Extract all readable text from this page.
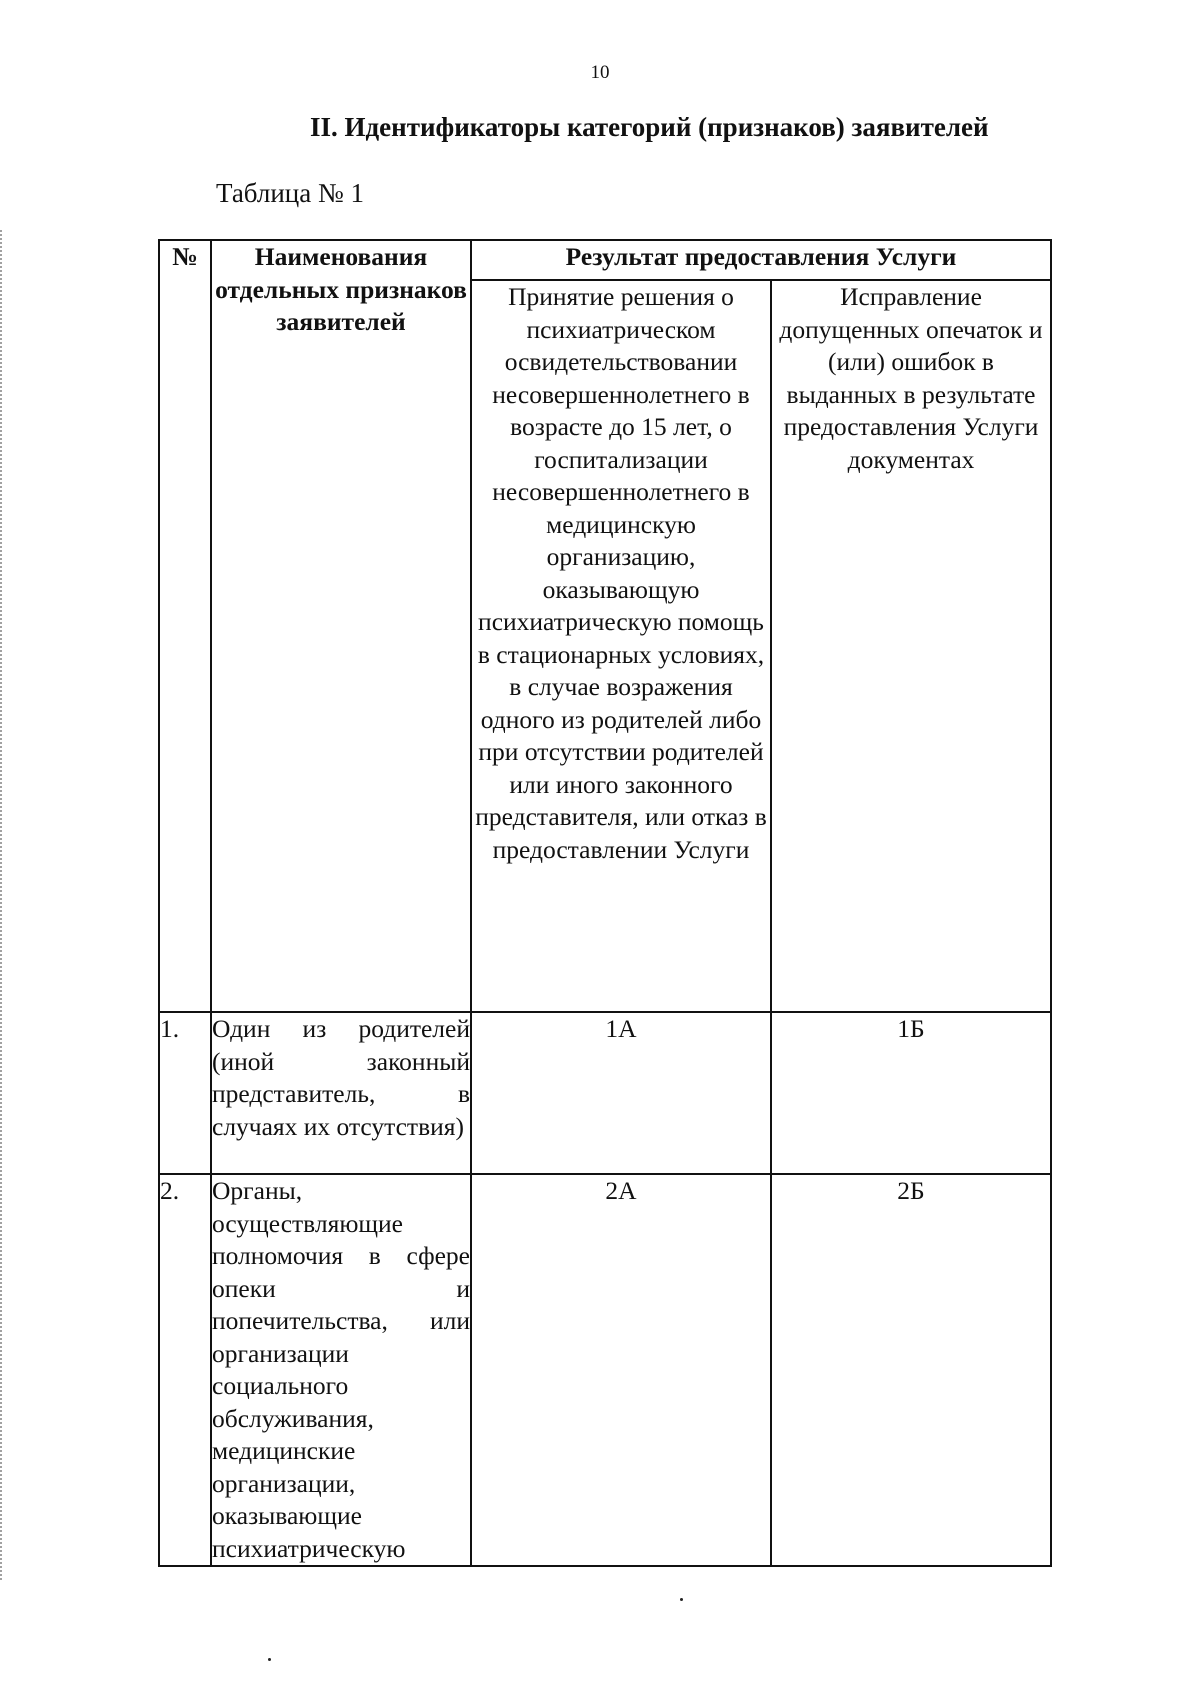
10
II. Идентификаторы категорий (признаков) заявителей
Таблица № 1
№	Наименования отдельных признаков заявителей	Результат предоставления Услуги	
		Принятие решения о психиатрическом освидетельствовании несовершеннолетнего в возрасте до 15 лет, о госпитализации несовершеннолетнего в медицинскую организацию, оказывающую психиатрическую помощь в стационарных условиях, в случае возражения одного из родителей либо при отсутствии родителей или иного законного представителя, или отказ в предоставлении Услуги	Исправление допущенных опечаток и (или) ошибок в выданных в результате предоставления Услуги документах
1.	Один из родителей (иной законный представитель, в случаях их отсутствия)	1А	1Б
2.	Органы, осуществляющие полномочия в сфере опеки и попечительства, или организации социального обслуживания, медицинские организации, оказывающие психиатрическую	2А	2Б
